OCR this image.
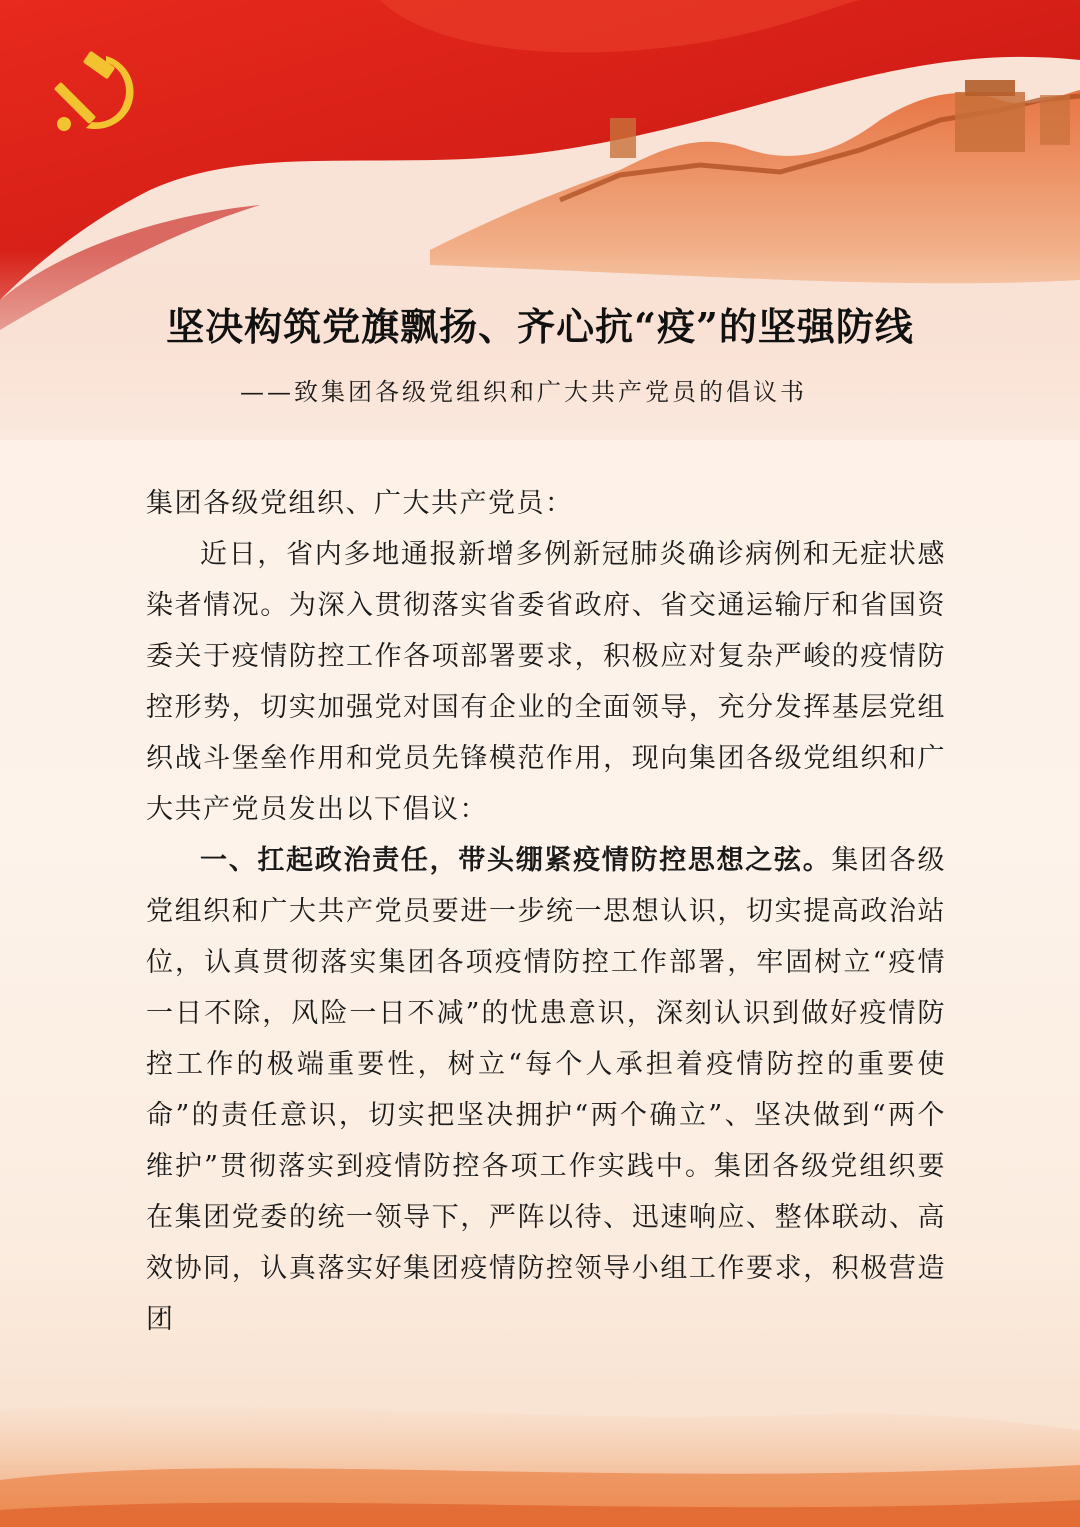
坚决构筑党旗飘扬、齐心抗“疫”的坚强防线

——致集团各级党组织和广大共产党员的倡议书

集团各级党组织、广大共产党员：

近日，省内多地通报新增多例新冠肺炎确诊病例和无症状感染者情况。为深入贯彻落实省委省政府、省交通运输厅和省国资委关于疫情防控工作各项部署要求，积极应对复杂严峻的疫情防控形势，切实加强党对国有企业的全面领导，充分发挥基层党组织战斗堡垒作用和党员先锋模范作用，现向集团各级党组织和广大共产党员发出以下倡议：

一、扛起政治责任，带头绷紧疫情防控思想之弦。集团各级党组织和广大共产党员要进一步统一思想认识，切实提高政治站位，认真贯彻落实集团各项疫情防控工作部署，牢固树立“疫情一日不除，风险一日不减”的忧患意识，深刻认识到做好疫情防控工作的极端重要性，树立“每个人承担着疫情防控的重要使命”的责任意识，切实把坚决拥护“两个确立”、坚决做到“两个维护”贯彻落实到疫情防控各项工作实践中。集团各级党组织要在集团党委的统一领导下，严阵以待、迅速响应、整体联动、高效协同，认真落实好集团疫情防控领导小组工作要求，积极营造团
